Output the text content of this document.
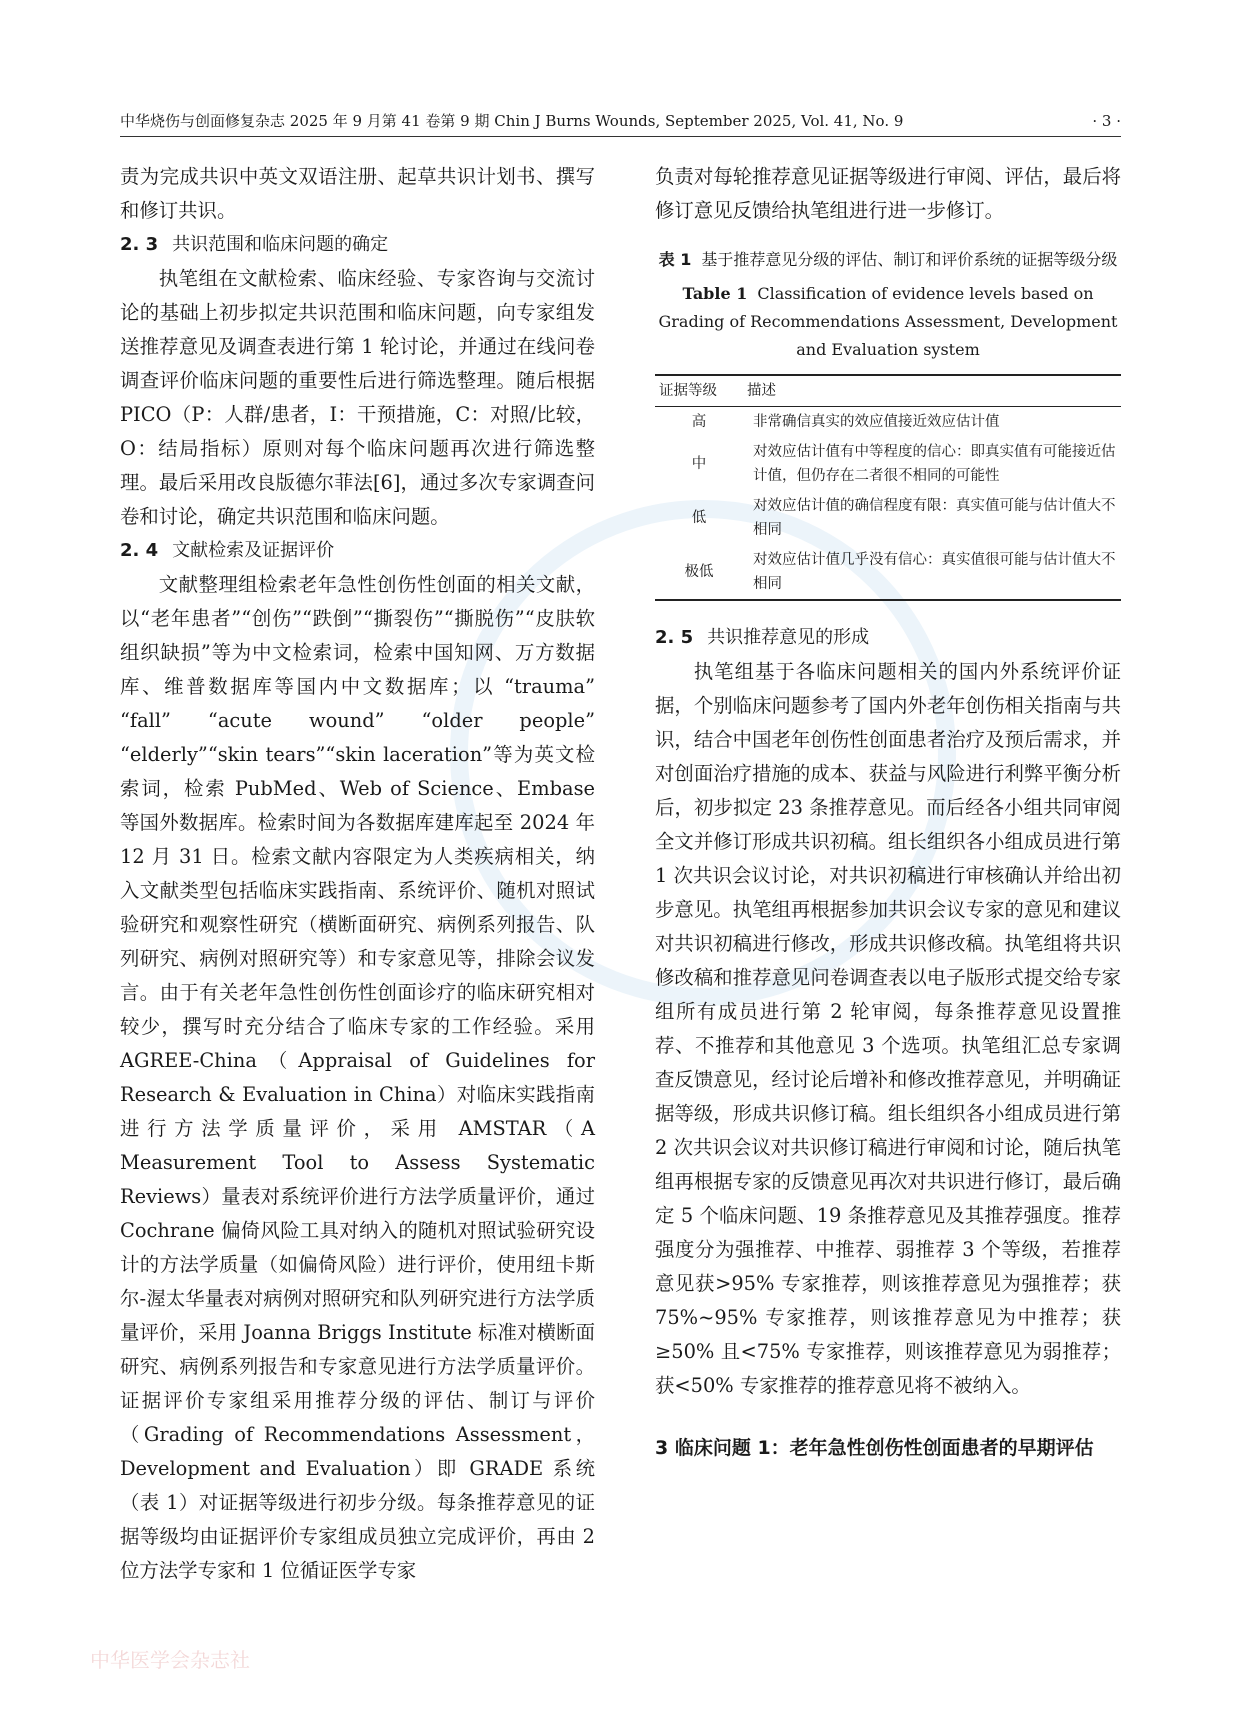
中华烧伤与创面修复杂志 2025 年 9 月第 41 卷第 9 期 Chin J Burns Wounds, September 2025, Vol. 41, No. 9	· 3 ·

责为完成共识中英文双语注册、起草共识计划书、撰写和修订共识。

2. 3 共识范围和临床问题的确定

执笔组在文献检索、临床经验、专家咨询与交流讨论的基础上初步拟定共识范围和临床问题，向专家组发送推荐意见及调查表进行第 1 轮讨论，并通过在线问卷调查评价临床问题的重要性后进行筛选整理。随后根据 PICO（P：人群/患者，I：干预措施，C：对照/比较，O：结局指标）原则对每个临床问题再次进行筛选整理。最后采用改良版德尔菲法[6]，通过多次专家调查问卷和讨论，确定共识范围和临床问题。

2. 4 文献检索及证据评价

文献整理组检索老年急性创伤性创面的相关文献，以“老年患者”“创伤”“跌倒”“撕裂伤”“撕脱伤”“皮肤软组织缺损”等为中文检索词，检索中国知网、万方数据库、维普数据库等国内中文数据库；以 “trauma” “fall” “acute wound” “older people” “elderly”“skin tears”“skin laceration”等为英文检索词，检索 PubMed、Web of Science、Embase 等国外数据库。检索时间为各数据库建库起至 2024 年 12 月 31 日。检索文献内容限定为人类疾病相关，纳入文献类型包括临床实践指南、系统评价、随机对照试验研究和观察性研究（横断面研究、病例系列报告、队列研究、病例对照研究等）和专家意见等，排除会议发言。由于有关老年急性创伤性创面诊疗的临床研究相对较少，撰写时充分结合了临床专家的工作经验。采用 AGREE-China（Appraisal of Guidelines for Research & Evaluation in China）对临床实践指南进行方法学质量评价，采用 AMSTAR（A Measurement Tool to Assess Systematic Reviews）量表对系统评价进行方法学质量评价，通过 Cochrane 偏倚风险工具对纳入的随机对照试验研究设计的方法学质量（如偏倚风险）进行评价，使用纽卡斯尔-渥太华量表对病例对照研究和队列研究进行方法学质量评价，采用 Joanna Briggs Institute 标准对横断面研究、病例系列报告和专家意见进行方法学质量评价。证据评价专家组采用推荐分级的评估、制订与评价（Grading of Recommendations Assessment，Development and Evaluation）即 GRADE 系统（表 1）对证据等级进行初步分级。每条推荐意见的证据等级均由证据评价专家组成员独立完成评价，再由 2 位方法学专家和 1 位循证医学专家

负责对每轮推荐意见证据等级进行审阅、评估，最后将修订意见反馈给执笔组进行进一步修订。

表 1 基于推荐意见分级的评估、制订和评价系统的证据等级分级
Table 1 Classification of evidence levels based on Grading of Recommendations Assessment, Development and Evaluation system
证据等级	描述
高	非常确信真实的效应值接近效应估计值
中	对效应估计值有中等程度的信心：即真实值有可能接近估计值，但仍存在二者很不相同的可能性
低	对效应估计值的确信程度有限：真实值可能与估计值大不相同
极低	对效应估计值几乎没有信心：真实值很可能与估计值大不相同
2. 5 共识推荐意见的形成

执笔组基于各临床问题相关的国内外系统评价证据，个别临床问题参考了国内外老年创伤相关指南与共识，结合中国老年创伤性创面患者治疗及预后需求，并对创面治疗措施的成本、获益与风险进行利弊平衡分析后，初步拟定 23 条推荐意见。而后经各小组共同审阅全文并修订形成共识初稿。组长组织各小组成员进行第 1 次共识会议讨论，对共识初稿进行审核确认并给出初步意见。执笔组再根据参加共识会议专家的意见和建议对共识初稿进行修改，形成共识修改稿。执笔组将共识修改稿和推荐意见问卷调查表以电子版形式提交给专家组所有成员进行第 2 轮审阅，每条推荐意见设置推荐、不推荐和其他意见 3 个选项。执笔组汇总专家调查反馈意见，经讨论后增补和修改推荐意见，并明确证据等级，形成共识修订稿。组长组织各小组成员进行第 2 次共识会议对共识修订稿进行审阅和讨论，随后执笔组再根据专家的反馈意见再次对共识进行修订，最后确定 5 个临床问题、19 条推荐意见及其推荐强度。推荐强度分为强推荐、中推荐、弱推荐 3 个等级，若推荐意见获>95% 专家推荐，则该推荐意见为强推荐；获 75%~95% 专家推荐，则该推荐意见为中推荐；获≥50% 且<75% 专家推荐，则该推荐意见为弱推荐；获<50% 专家推荐的推荐意见将不被纳入。

3 临床问题 1：老年急性创伤性创面患者的早期评估
中华医学会杂志社
